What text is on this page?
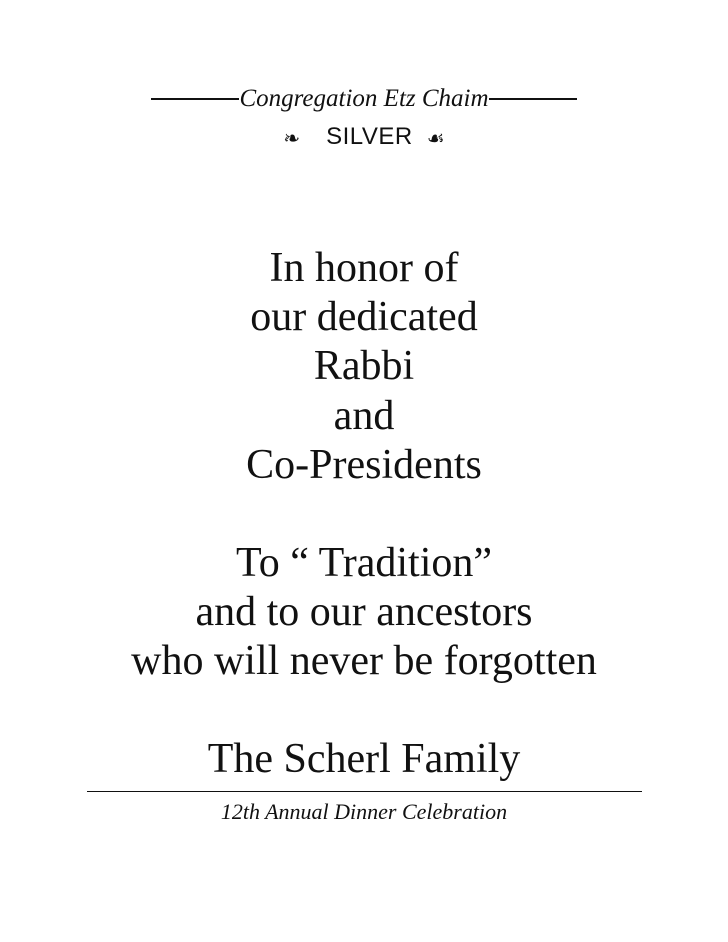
Congregation Etz Chaim
❧ SILVER ☙
In honor of
our dedicated
Rabbi
and
Co-Presidents
To “ Tradition”
and to our ancestors
who will never be forgotten
The Scherl Family
12th Annual Dinner Celebration
